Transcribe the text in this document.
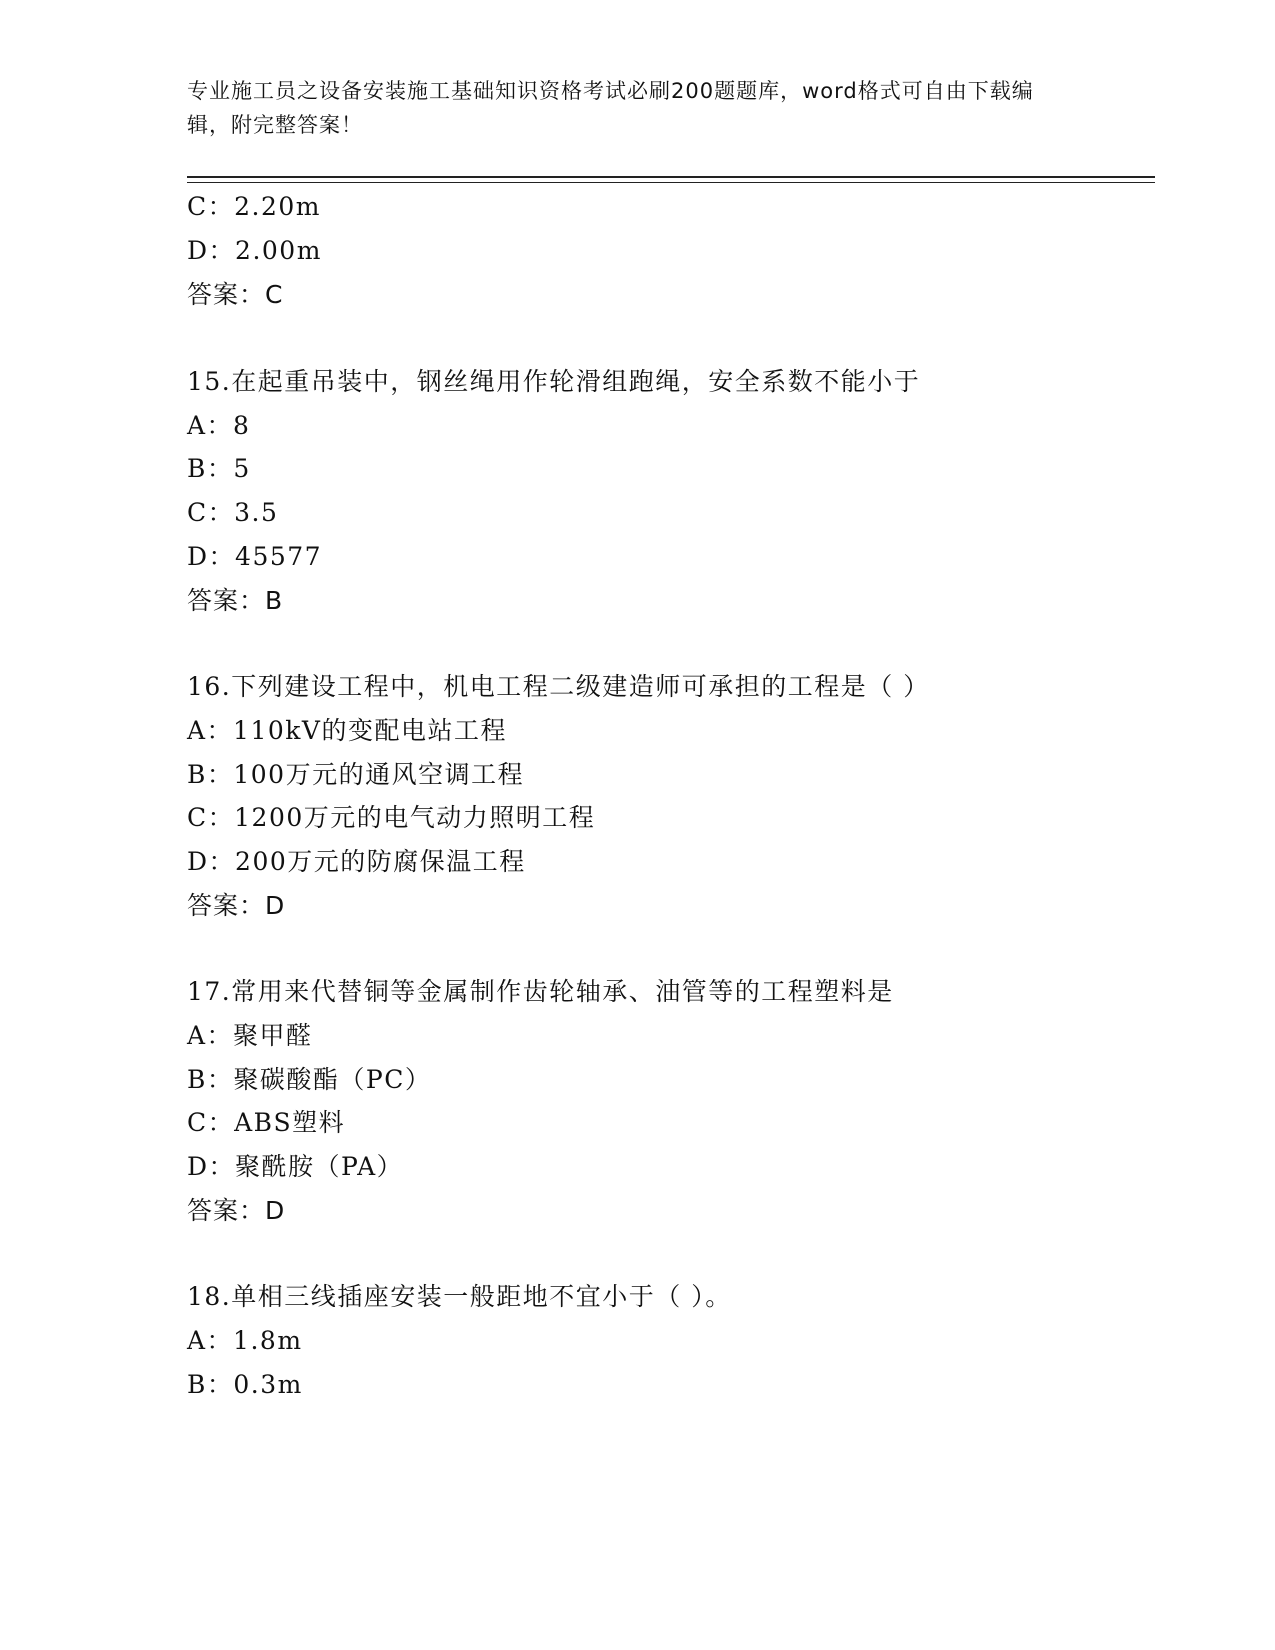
专业施工员之设备安装施工基础知识资格考试必刷200题题库，word格式可自由下载编辑，附完整答案！
C：2.20m
D：2.00m
答案：C
15.在起重吊装中，钢丝绳用作轮滑组跑绳，安全系数不能小于
A：8
B：5
C：3.5
D：45577
答案：B
16.下列建设工程中，机电工程二级建造师可承担的工程是（ ）
A：110kV的变配电站工程
B：100万元的通风空调工程
C：1200万元的电气动力照明工程
D：200万元的防腐保温工程
答案：D
17.常用来代替铜等金属制作齿轮轴承、油管等的工程塑料是
A：聚甲醛
B：聚碳酸酯（PC）
C：ABS塑料
D：聚酰胺（PA）
答案：D
18.单相三线插座安装一般距地不宜小于（ ）。
A：1.8m
B：0.3m
